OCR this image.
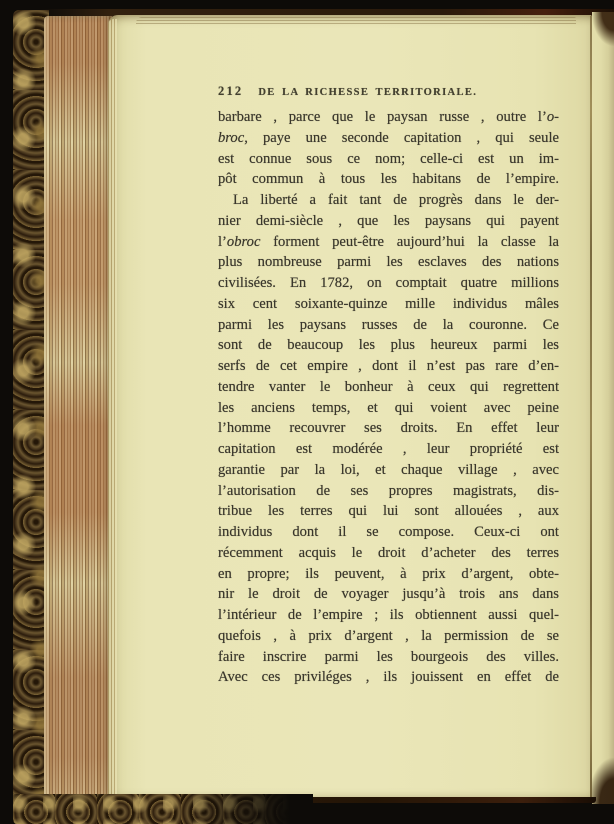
212 DE LA RICHESSE TERRITORIALE.
barbare , parce que le paysan russe , outre l’o-
broc, paye une seconde capitation , qui seule
est connue sous ce nom; celle-ci est un im-
pôt commun à tous les habitans de l’empire.
La liberté a fait tant de progrès dans le der-
nier demi-siècle , que les paysans qui payent
l’obroc forment peut-être aujourd’hui la classe la
plus nombreuse parmi les esclaves des nations
civilisées. En 1782, on comptait quatre millions
six cent soixante-quinze mille individus mâles
parmi les paysans russes de la couronne. Ce
sont de beaucoup les plus heureux parmi les
serfs de cet empire , dont il n’est pas rare d’en-
tendre vanter le bonheur à ceux qui regrettent
les anciens temps, et qui voient avec peine
l’homme recouvrer ses droits. En effet leur
capitation est modérée , leur propriété est
garantie par la loi, et chaque village , avec
l’autorisation de ses propres magistrats, dis-
tribue les terres qui lui sont allouées , aux
individus dont il se compose. Ceux-ci ont
récemment acquis le droit d’acheter des terres
en propre; ils peuvent, à prix d’argent, obte-
nir le droit de voyager jusqu’à trois ans dans
l’intérieur de l’empire ; ils obtiennent aussi quel-
quefois , à prix d’argent , la permission de se
faire inscrire parmi les bourgeois des villes.
Avec ces priviléges , ils jouissent en effet de
